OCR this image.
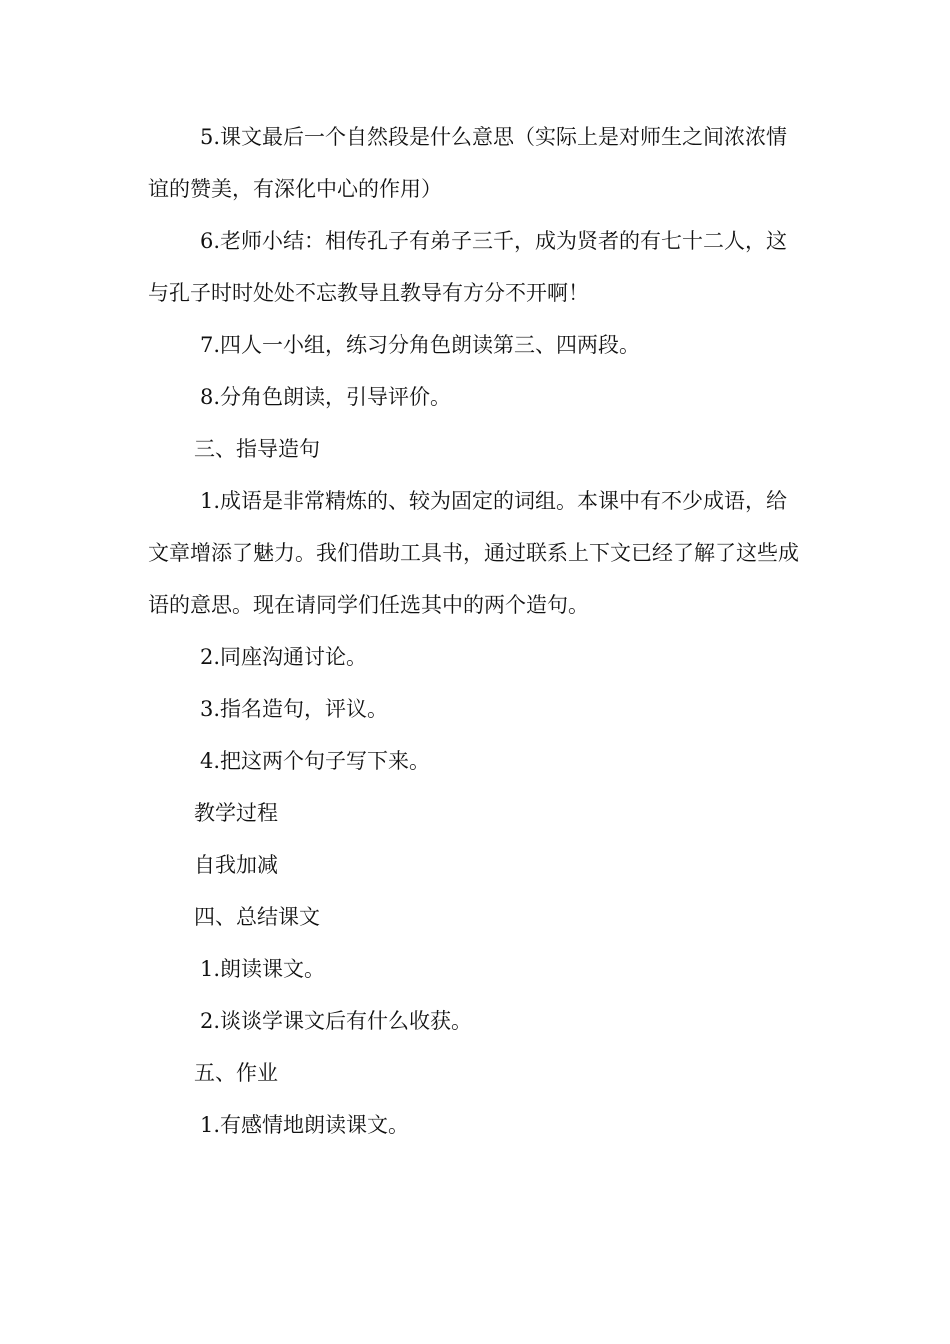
5.课文最后一个自然段是什么意思（实际上是对师生之间浓浓情谊的赞美，有深化中心的作用）

6.老师小结：相传孔子有弟子三千，成为贤者的有七十二人，这与孔子时时处处不忘教导且教导有方分不开啊！

7.四人一小组，练习分角色朗读第三、四两段。

8.分角色朗读，引导评价。

三、指导造句

1.成语是非常精炼的、较为固定的词组。本课中有不少成语，给文章增添了魅力。我们借助工具书，通过联系上下文已经了解了这些成语的意思。现在请同学们任选其中的两个造句。

2.同座沟通讨论。

3.指名造句，评议。

4.把这两个句子写下来。

教学过程

自我加减

四、总结课文

1.朗读课文。

2.谈谈学课文后有什么收获。

五、作业

1.有感情地朗读课文。
